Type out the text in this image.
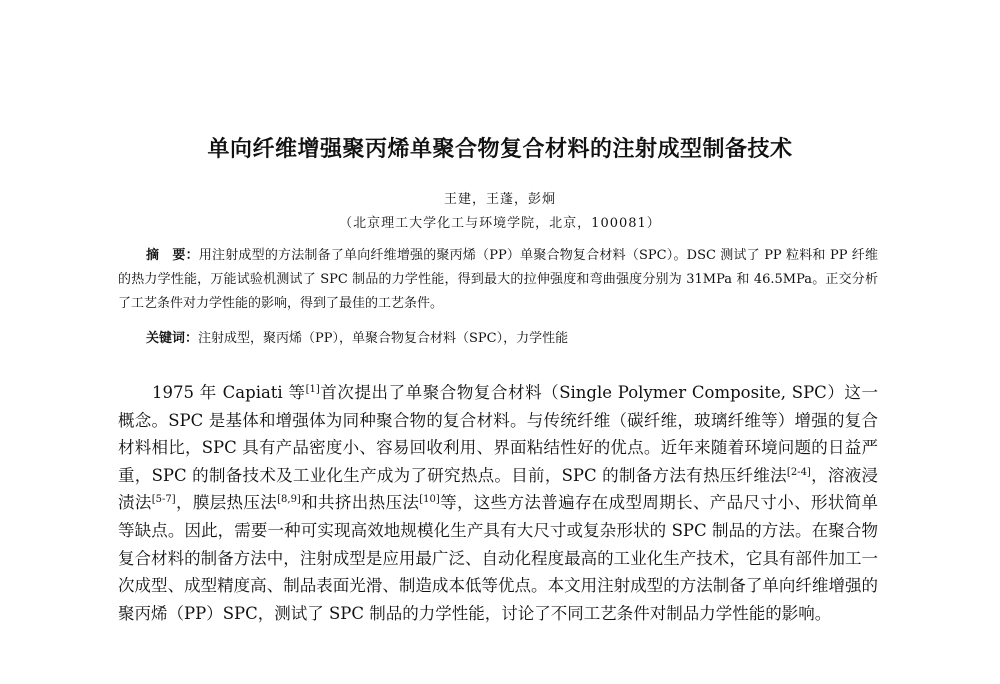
单向纤维增强聚丙烯单聚合物复合材料的注射成型制备技术

王建，王蓬，彭炯

（北京理工大学化工与环境学院，北京，100081）

摘　要：用注射成型的方法制备了单向纤维增强的聚丙烯（PP）单聚合物复合材料（SPC）。DSC 测试了 PP 粒料和 PP 纤维的热力学性能，万能试验机测试了 SPC 制品的力学性能，得到最大的拉伸强度和弯曲强度分别为 31MPa 和 46.5MPa。正交分析了工艺条件对力学性能的影响，得到了最佳的工艺条件。

关键词：注射成型，聚丙烯（PP），单聚合物复合材料（SPC），力学性能

1975 年 Capiati 等[1]首次提出了单聚合物复合材料（Single Polymer Composite, SPC）这一概念。SPC 是基体和增强体为同种聚合物的复合材料。与传统纤维（碳纤维，玻璃纤维等）增强的复合材料相比，SPC 具有产品密度小、容易回收利用、界面粘结性好的优点。近年来随着环境问题的日益严重，SPC 的制备技术及工业化生产成为了研究热点。目前，SPC 的制备方法有热压纤维法[2-4]，溶液浸渍法[5-7]，膜层热压法[8,9]和共挤出热压法[10]等，这些方法普遍存在成型周期长、产品尺寸小、形状简单等缺点。因此，需要一种可实现高效地规模化生产具有大尺寸或复杂形状的 SPC 制品的方法。在聚合物复合材料的制备方法中，注射成型是应用最广泛、自动化程度最高的工业化生产技术，它具有部件加工一次成型、成型精度高、制品表面光滑、制造成本低等优点。本文用注射成型的方法制备了单向纤维增强的聚丙烯（PP）SPC，测试了 SPC 制品的力学性能，讨论了不同工艺条件对制品力学性能的影响。
